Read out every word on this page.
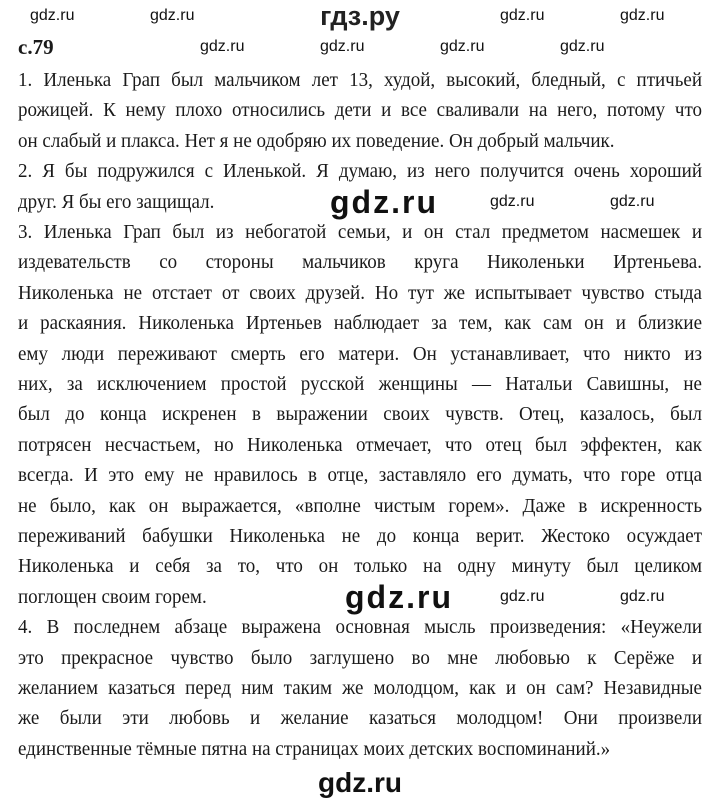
гдз.ру
с.79
1. Иленька Грап был мальчиком лет 13, худой, высокий, бледный, с птичьей
рожицей. К нему плохо относились дети и все сваливали на него, потому что
он слабый и плакса. Нет я не одобряю их поведение. Он добрый мальчик.
2. Я бы подружился с Иленькой. Я думаю, из него получится очень хороший
друг. Я бы его защищал.
3. Иленька Грап был из небогатой семьи, и он стал предметом насмешек и
издевательств со стороны мальчиков круга Николеньки Иртеньева.
Николенька не отстает от своих друзей. Но тут же испытывает чувство стыда
и раскаяния. Николенька Иртеньев наблюдает за тем, как сам он и близкие
ему люди переживают смерть его матери. Он устанавливает, что никто из
них, за исключением простой русской женщины — Натальи Савишны, не
был до конца искренен в выражении своих чувств. Отец, казалось, был
потрясен несчастьем, но Николенька отмечает, что отец был эффектен, как
всегда. И это ему не нравилось в отце, заставляло его думать, что горе отца
не было, как он выражается, «вполне чистым горем». Даже в искренность
переживаний бабушки Николенька не до конца верит. Жестоко осуждает
Николенька и себя за то, что он только на одну минуту был целиком
поглощен своим горем.
4. В последнем абзаце выражена основная мысль произведения: «Неужели
это прекрасное чувство было заглушено во мне любовью к Серёже и
желанием казаться перед ним таким же молодцом, как и он сам? Незавидные
же были эти любовь и желание казаться молодцом! Они произвели
единственные тёмные пятна на страницах моих детских воспоминаний.»
gdz.ru	gdz.ru	gdz.ru	gdz.ru
gdz.ru	gdz.ru	gdz.ru	gdz.ru
gdz.ru	gdz.ru
gdz.ru	gdz.ru
gdz.ru
gdz.ru
gdz.ru
